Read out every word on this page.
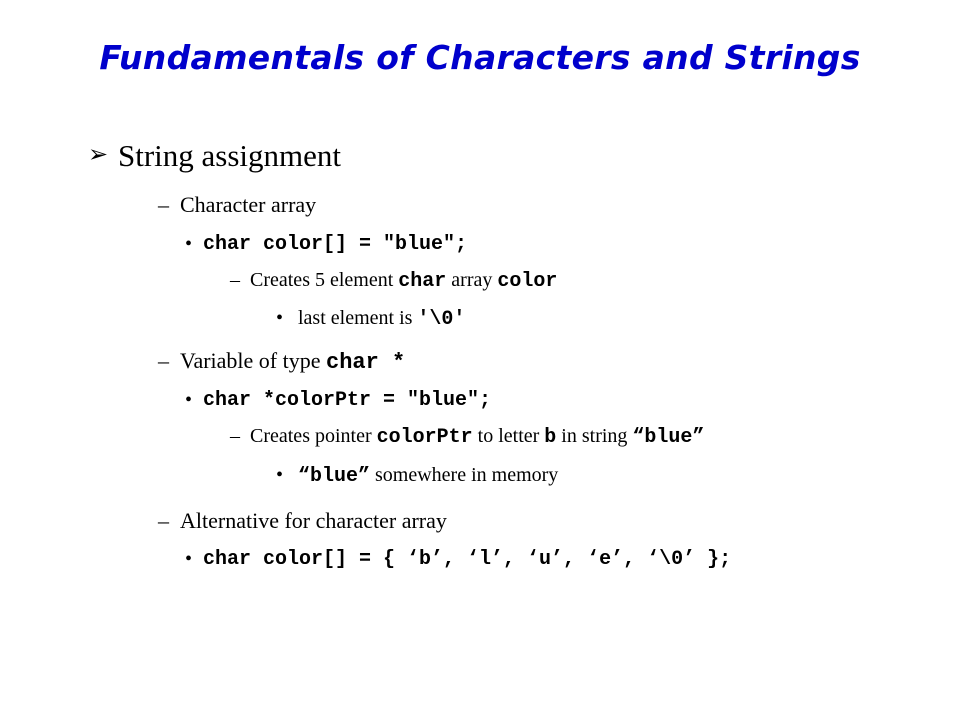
Fundamentals of Characters and Strings
➢ String assignment
– Character array
• char color[] = "blue";
– Creates 5 element char array color
• last element is '\0'
– Variable of type char *
• char *colorPtr = "blue";
– Creates pointer colorPtr to letter b in string “blue”
• “blue” somewhere in memory
– Alternative for character array
• char color[] = { ‘b’, ‘l’, ‘u’, ‘e’, ‘\0’ };
